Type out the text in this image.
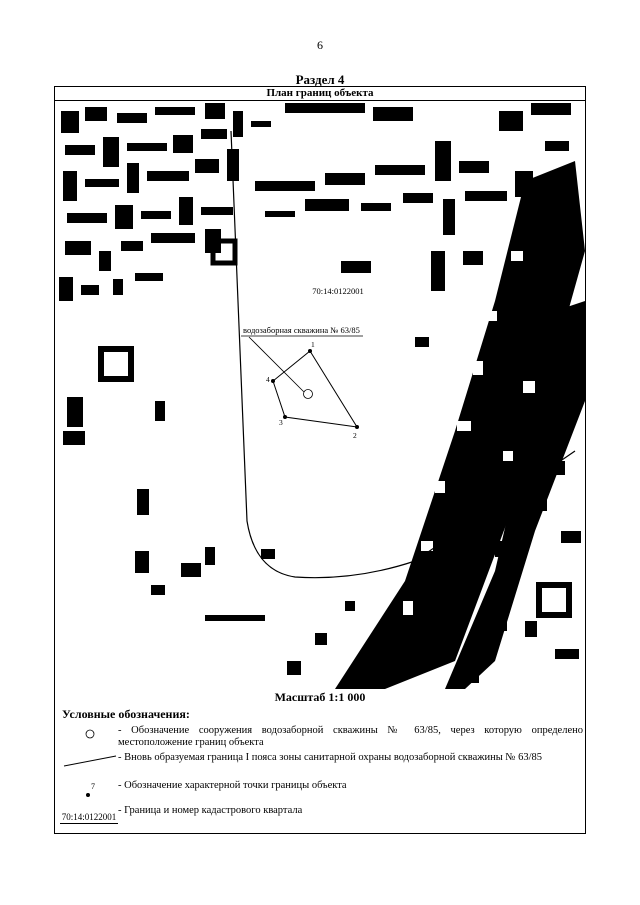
6
Раздел 4
План границ объекта
70:14:0122001
водозаборная скважина № 63/85
1
2
3
4
Масштаб 1:1 000
Условные обозначения:
- Обозначение сооружения водозаборной скважины № 63/85, через которую определено местоположение границ объекта
- Вновь образуемая граница I пояса зоны санитарной охраны водозаборной скважины № 63/85
7 - Обозначение характерной точки границы объекта
70:14:0122001
- Граница и номер кадастрового квартала
